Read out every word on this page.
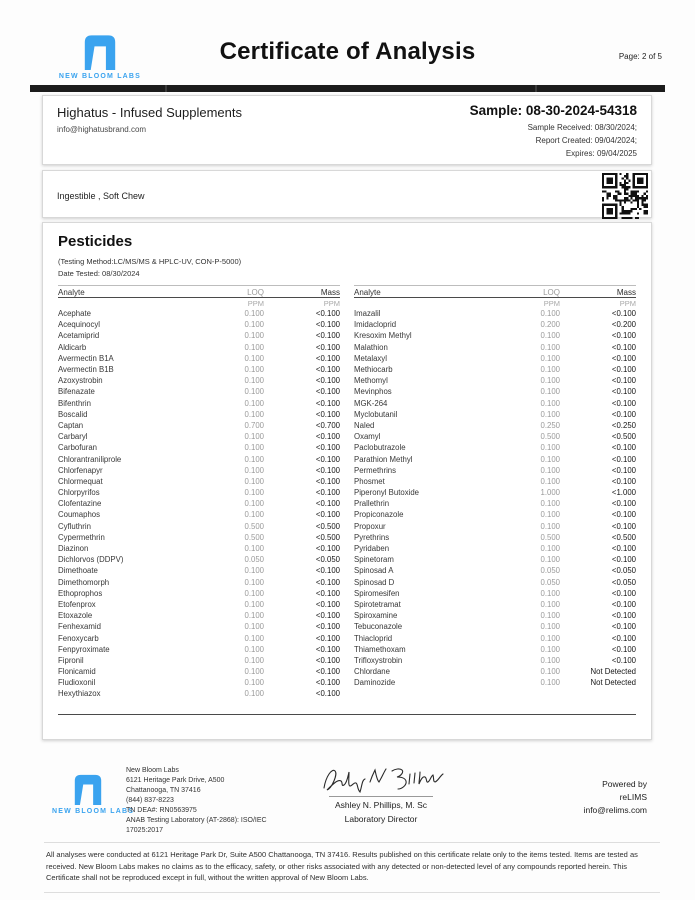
NEW BLOOM LABS
Certificate of Analysis	Page: 2 of 5
Highatus - Infused Supplements
info@highatusbrand.com
Sample: 08-30-2024-54318
Sample Received: 08/30/2024;
Report Created: 09/04/2024;
Expires: 09/04/2025
Ingestible , Soft Chew
Pesticides
(Testing Method:LC/MS/MS & HPLC-UV, CON-P-5000)
Date Tested: 08/30/2024
Analyte	LOQ	Mass
PPM	PPM
Acephate	0.100	<0.100
Acequinocyl	0.100	<0.100
Acetamiprid	0.100	<0.100
Aldicarb	0.100	<0.100
Avermectin B1A	0.100	<0.100
Avermectin B1B	0.100	<0.100
Azoxystrobin	0.100	<0.100
Bifenazate	0.100	<0.100
Bifenthrin	0.100	<0.100
Boscalid	0.100	<0.100
Captan	0.700	<0.700
Carbaryl	0.100	<0.100
Carbofuran	0.100	<0.100
Chlorantraniliprole	0.100	<0.100
Chlorfenapyr	0.100	<0.100
Chlormequat	0.100	<0.100
Chlorpyrifos	0.100	<0.100
Clofentazine	0.100	<0.100
Coumaphos	0.100	<0.100
Cyfluthrin	0.500	<0.500
Cypermethrin	0.500	<0.500
Diazinon	0.100	<0.100
Dichlorvos (DDPV)	0.050	<0.050
Dimethoate	0.100	<0.100
Dimethomorph	0.100	<0.100
Ethoprophos	0.100	<0.100
Etofenprox	0.100	<0.100
Etoxazole	0.100	<0.100
Fenhexamid	0.100	<0.100
Fenoxycarb	0.100	<0.100
Fenpyroximate	0.100	<0.100
Fipronil	0.100	<0.100
Flonicamid	0.100	<0.100
Fludioxonil	0.100	<0.100
Hexythiazox	0.100	<0.100
Analyte	LOQ	Mass
PPM	PPM
Imazalil	0.100	<0.100
Imidacloprid	0.200	<0.200
Kresoxim Methyl	0.100	<0.100
Malathion	0.100	<0.100
Metalaxyl	0.100	<0.100
Methiocarb	0.100	<0.100
Methomyl	0.100	<0.100
Mevinphos	0.100	<0.100
MGK-264	0.100	<0.100
Myclobutanil	0.100	<0.100
Naled	0.250	<0.250
Oxamyl	0.500	<0.500
Paclobutrazole	0.100	<0.100
Parathion Methyl	0.100	<0.100
Permethrins	0.100	<0.100
Phosmet	0.100	<0.100
Piperonyl Butoxide	1.000	<1.000
Prallethrin	0.100	<0.100
Propiconazole	0.100	<0.100
Propoxur	0.100	<0.100
Pyrethrins	0.500	<0.500
Pyridaben	0.100	<0.100
Spinetoram	0.100	<0.100
Spinosad A	0.050	<0.050
Spinosad D	0.050	<0.050
Spiromesifen	0.100	<0.100
Spirotetramat	0.100	<0.100
Spiroxamine	0.100	<0.100
Tebuconazole	0.100	<0.100
Thiacloprid	0.100	<0.100
Thiamethoxam	0.100	<0.100
Trifloxystrobin	0.100	<0.100
Chlordane	0.100	Not Detected
Daminozide	0.100	Not Detected
NEW BLOOM LABS
New Bloom Labs
6121 Heritage Park Drive, A500
Chattanooga, TN 37416
(844) 837-8223
TN DEA#: RN0563975
ANAB Testing Laboratory (AT-2868): ISO/IEC
17025:2017
Ashley N. Phillips, M. Sc
Laboratory Director
Powered by
reLIMS
info@relims.com
All analyses were conducted at 6121 Heritage Park Dr, Suite A500 Chattanooga, TN 37416. Results published on this certificate relate only to the items tested. Items are tested as received. New Bloom Labs makes no claims as to the efficacy, safety, or other risks associated with any detected or non-detected level of any compounds reported herein. This Certificate shall not be reproduced except in full, without the written approval of New Bloom Labs.
